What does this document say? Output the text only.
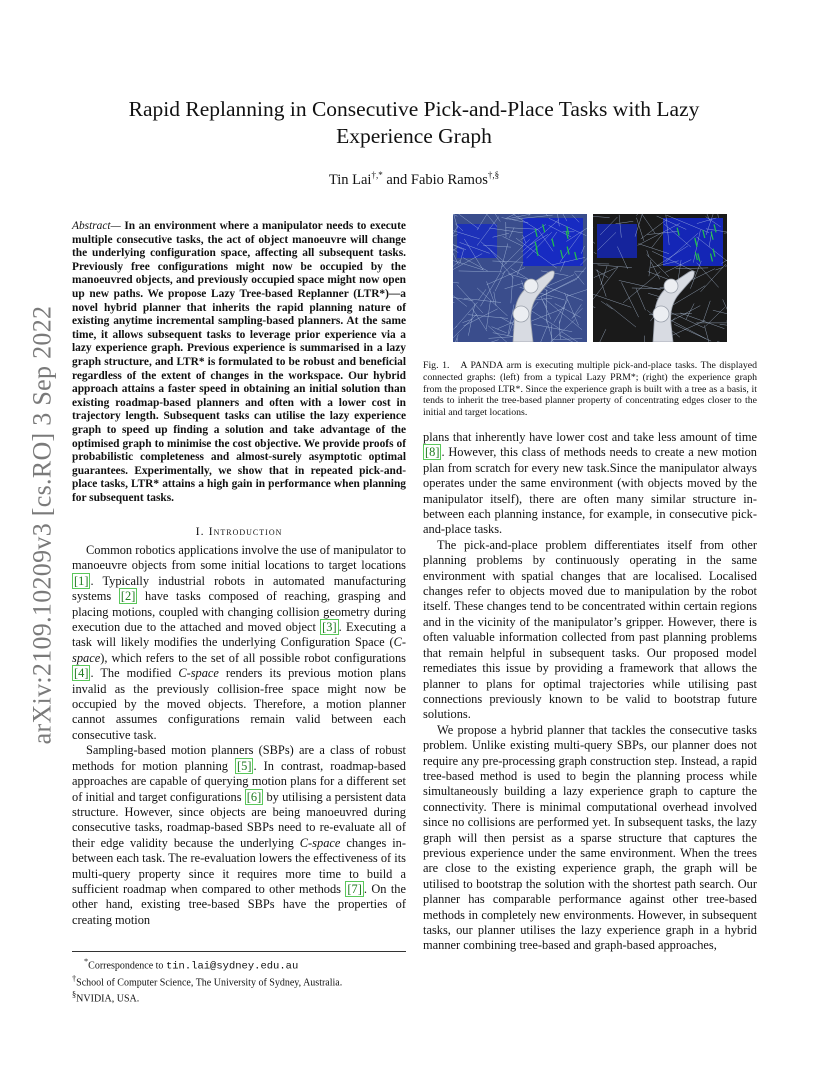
arXiv:2109.10209v3 [cs.RO] 3 Sep 2022
Rapid Replanning in Consecutive Pick-and-Place Tasks with Lazy Experience Graph
Tin Lai†,* and Fabio Ramos†,§
Abstract— In an environment where a manipulator needs to execute multiple consecutive tasks, the act of object manoeuvre will change the underlying configuration space, affecting all subsequent tasks. Previously free configurations might now be occupied by the manoeuvred objects, and previously occupied space might now open up new paths. We propose Lazy Tree-based Replanner (LTR*)—a novel hybrid planner that inherits the rapid planning nature of existing anytime incremental sampling-based planners. At the same time, it allows subsequent tasks to leverage prior experience via a lazy experience graph. Previous experience is summarised in a lazy graph structure, and LTR* is formulated to be robust and beneficial regardless of the extent of changes in the workspace. Our hybrid approach attains a faster speed in obtaining an initial solution than existing roadmap-based planners and often with a lower cost in trajectory length. Subsequent tasks can utilise the lazy experience graph to speed up finding a solution and take advantage of the optimised graph to minimise the cost objective. We provide proofs of probabilistic completeness and almost-surely asymptotic optimal guarantees. Experimentally, we show that in repeated pick-and-place tasks, LTR* attains a high gain in performance when planning for subsequent tasks.
I. Introduction

Common robotics applications involve the use of manipulator to manoeuvre objects from some initial locations to target locations [1] . Typically industrial robots in automated manufacturing systems [2] have tasks composed of reaching, grasping and placing motions, coupled with changing collision geometry during execution due to the attached and moved object [3] . Executing a task will likely modifies the underlying Configuration Space (C-space), which refers to the set of all possible robot configurations [4] . The modified C-space renders its previous motion plans invalid as the previously collision-free space might now be occupied by the moved objects. Therefore, a motion planner cannot assumes configurations remain valid between each consecutive task.

Sampling-based motion planners (SBPs) are a class of robust methods for motion planning [5] . In contrast, roadmap-based approaches are capable of querying motion plans for a different set of initial and target configurations [6] by utilising a persistent data structure. However, since objects are being manoeuvred during consecutive tasks, roadmap-based SBPs need to re-evaluate all of their edge validity because the underlying C-space changes in-between each task. The re-evaluation lowers the effectiveness of its multi-query property since it requires more time to build a sufficient roadmap when compared to other methods [7] . On the other hand, existing tree-based SBPs have the properties of creating motion

*Correspondence to tin.lai@sydney.edu.au

†School of Computer Science, The University of Sydney, Australia.

§NVIDIA, USA.

Fig. 1. A PANDA arm is executing multiple pick-and-place tasks. The displayed connected graphs: (left) from a typical Lazy PRM*; (right) the experience graph from the proposed LTR*. Since the experience graph is built with a tree as a basis, it tends to inherit the tree-based planner property of concentrating edges closer to the initial and target locations.

plans that inherently have lower cost and take less amount of time [8] . However, this class of methods needs to create a new motion plan from scratch for every new task.Since the manipulator always operates under the same environment (with objects moved by the manipulator itself), there are often many similar structure in-between each planning instance, for example, in consecutive pick-and-place tasks.

The pick-and-place problem differentiates itself from other planning problems by continuously operating in the same environment with spatial changes that are localised. Localised changes refer to objects moved due to manipulation by the robot itself. These changes tend to be concentrated within certain regions and in the vicinity of the manipulator’s gripper. However, there is often valuable information collected from past planning problems that remain helpful in subsequent tasks. Our proposed model remediates this issue by providing a framework that allows the planner to plans for optimal trajectories while utilising past connections previously known to be valid to bootstrap future solutions.

We propose a hybrid planner that tackles the consecutive tasks problem. Unlike existing multi-query SBPs, our planner does not require any pre-processing graph construction step. Instead, a rapid tree-based method is used to begin the planning process while simultaneously building a lazy experience graph to capture the connectivity. There is minimal computational overhead involved since no collisions are performed yet. In subsequent tasks, the lazy graph will then persist as a sparse structure that captures the previous experience under the same environment. When the trees are close to the existing experience graph, the graph will be utilised to bootstrap the solution with the shortest path search. Our planner has comparable performance against other tree-based methods in completely new environments. However, in subsequent tasks, our planner utilises the lazy experience graph in a hybrid manner combining tree-based and graph-based approaches,
